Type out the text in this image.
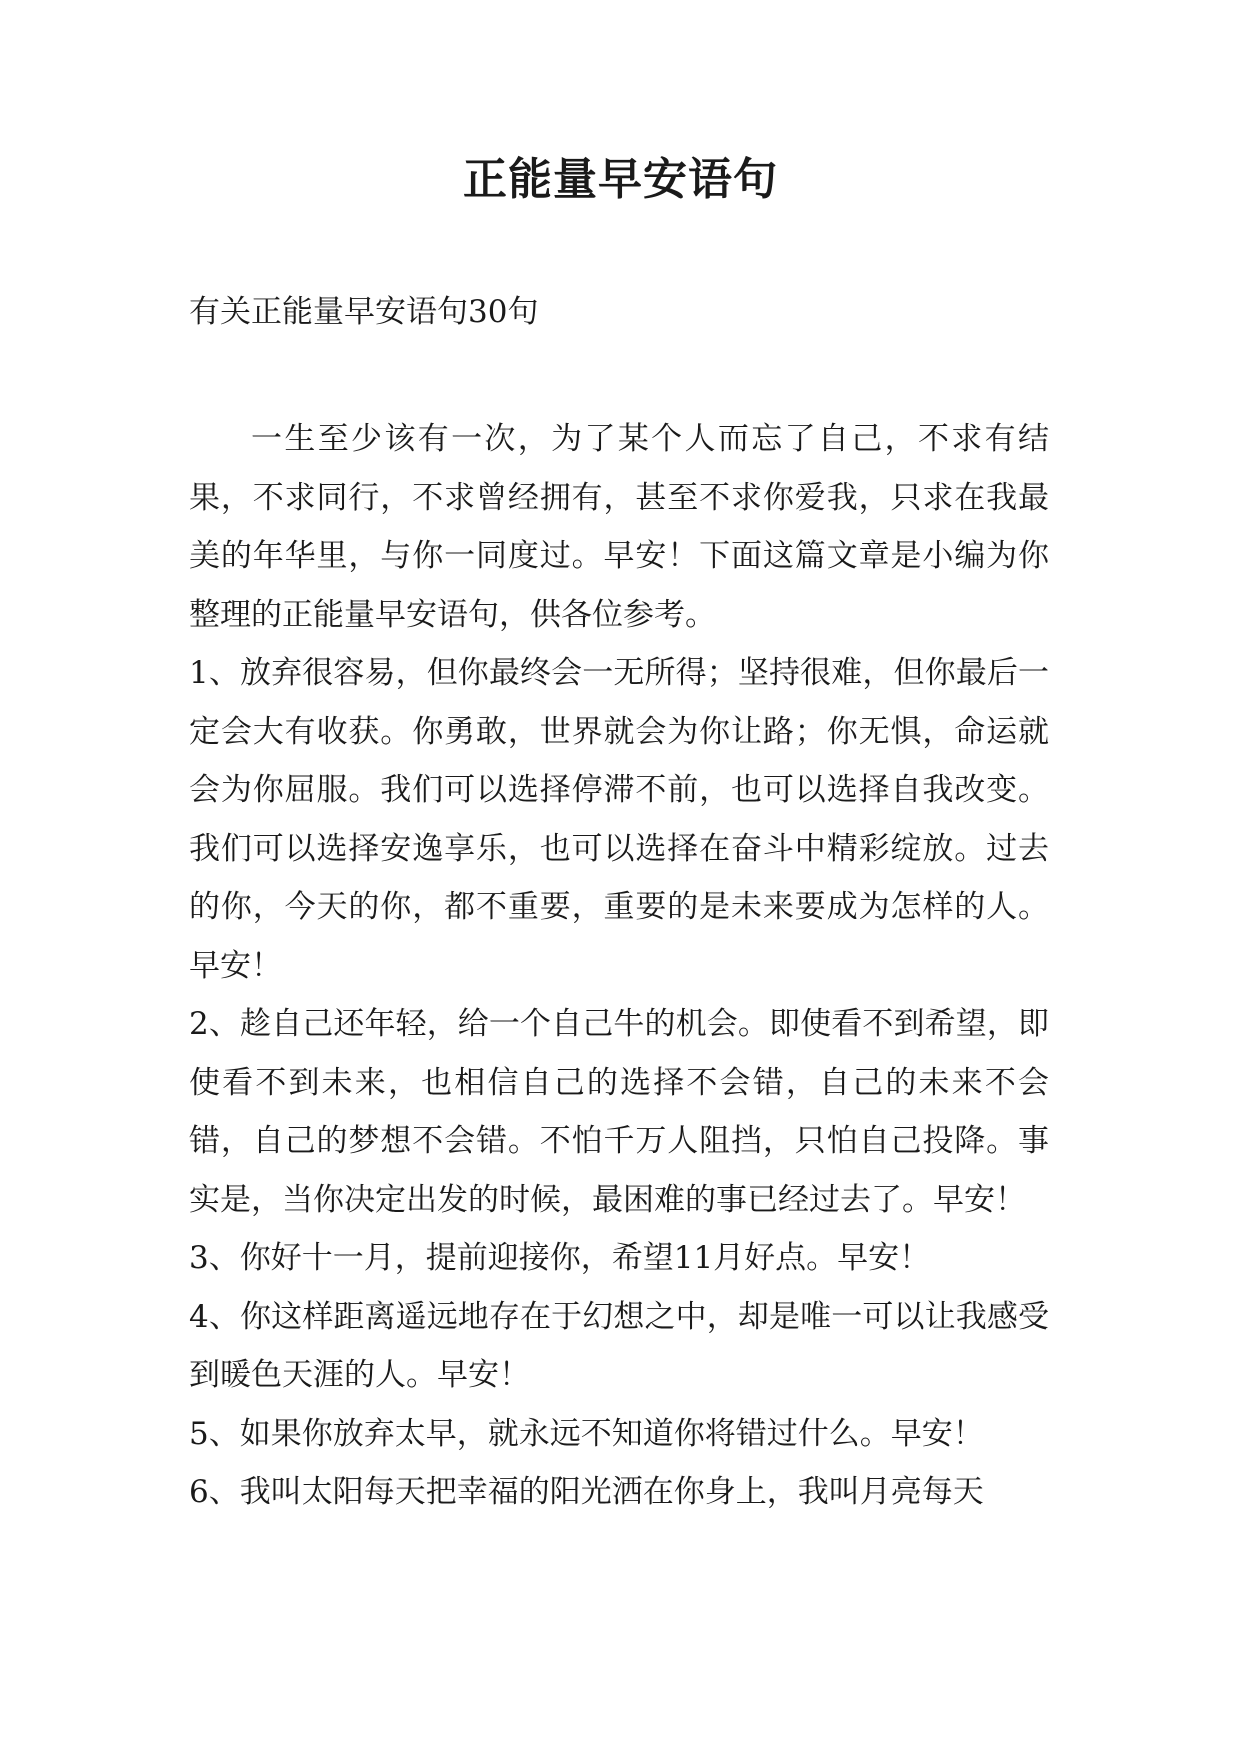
正能量早安语句

有关正能量早安语句30句

一生至少该有一次，为了某个人而忘了自己，不求有结果，不求同行，不求曾经拥有，甚至不求你爱我，只求在我最美的年华里，与你一同度过。早安！下面这篇文章是小编为你整理的正能量早安语句，供各位参考。

1、放弃很容易，但你最终会一无所得；坚持很难，但你最后一定会大有收获。你勇敢，世界就会为你让路；你无惧，命运就会为你屈服。我们可以选择停滞不前，也可以选择自我改变。我们可以选择安逸享乐，也可以选择在奋斗中精彩绽放。过去的你，今天的你，都不重要，重要的是未来要成为怎样的人。早安！

2、趁自己还年轻，给一个自己牛的机会。即使看不到希望，即使看不到未来，也相信自己的选择不会错，自己的未来不会错，自己的梦想不会错。不怕千万人阻挡，只怕自己投降。事实是，当你决定出发的时候，最困难的事已经过去了。早安！

3、你好十一月，提前迎接你，希望11月好点。早安！

4、你这样距离遥远地存在于幻想之中，却是唯一可以让我感受到暖色天涯的人。早安！

5、如果你放弃太早，就永远不知道你将错过什么。早安！

6、我叫太阳每天把幸福的阳光洒在你身上，我叫月亮每天
